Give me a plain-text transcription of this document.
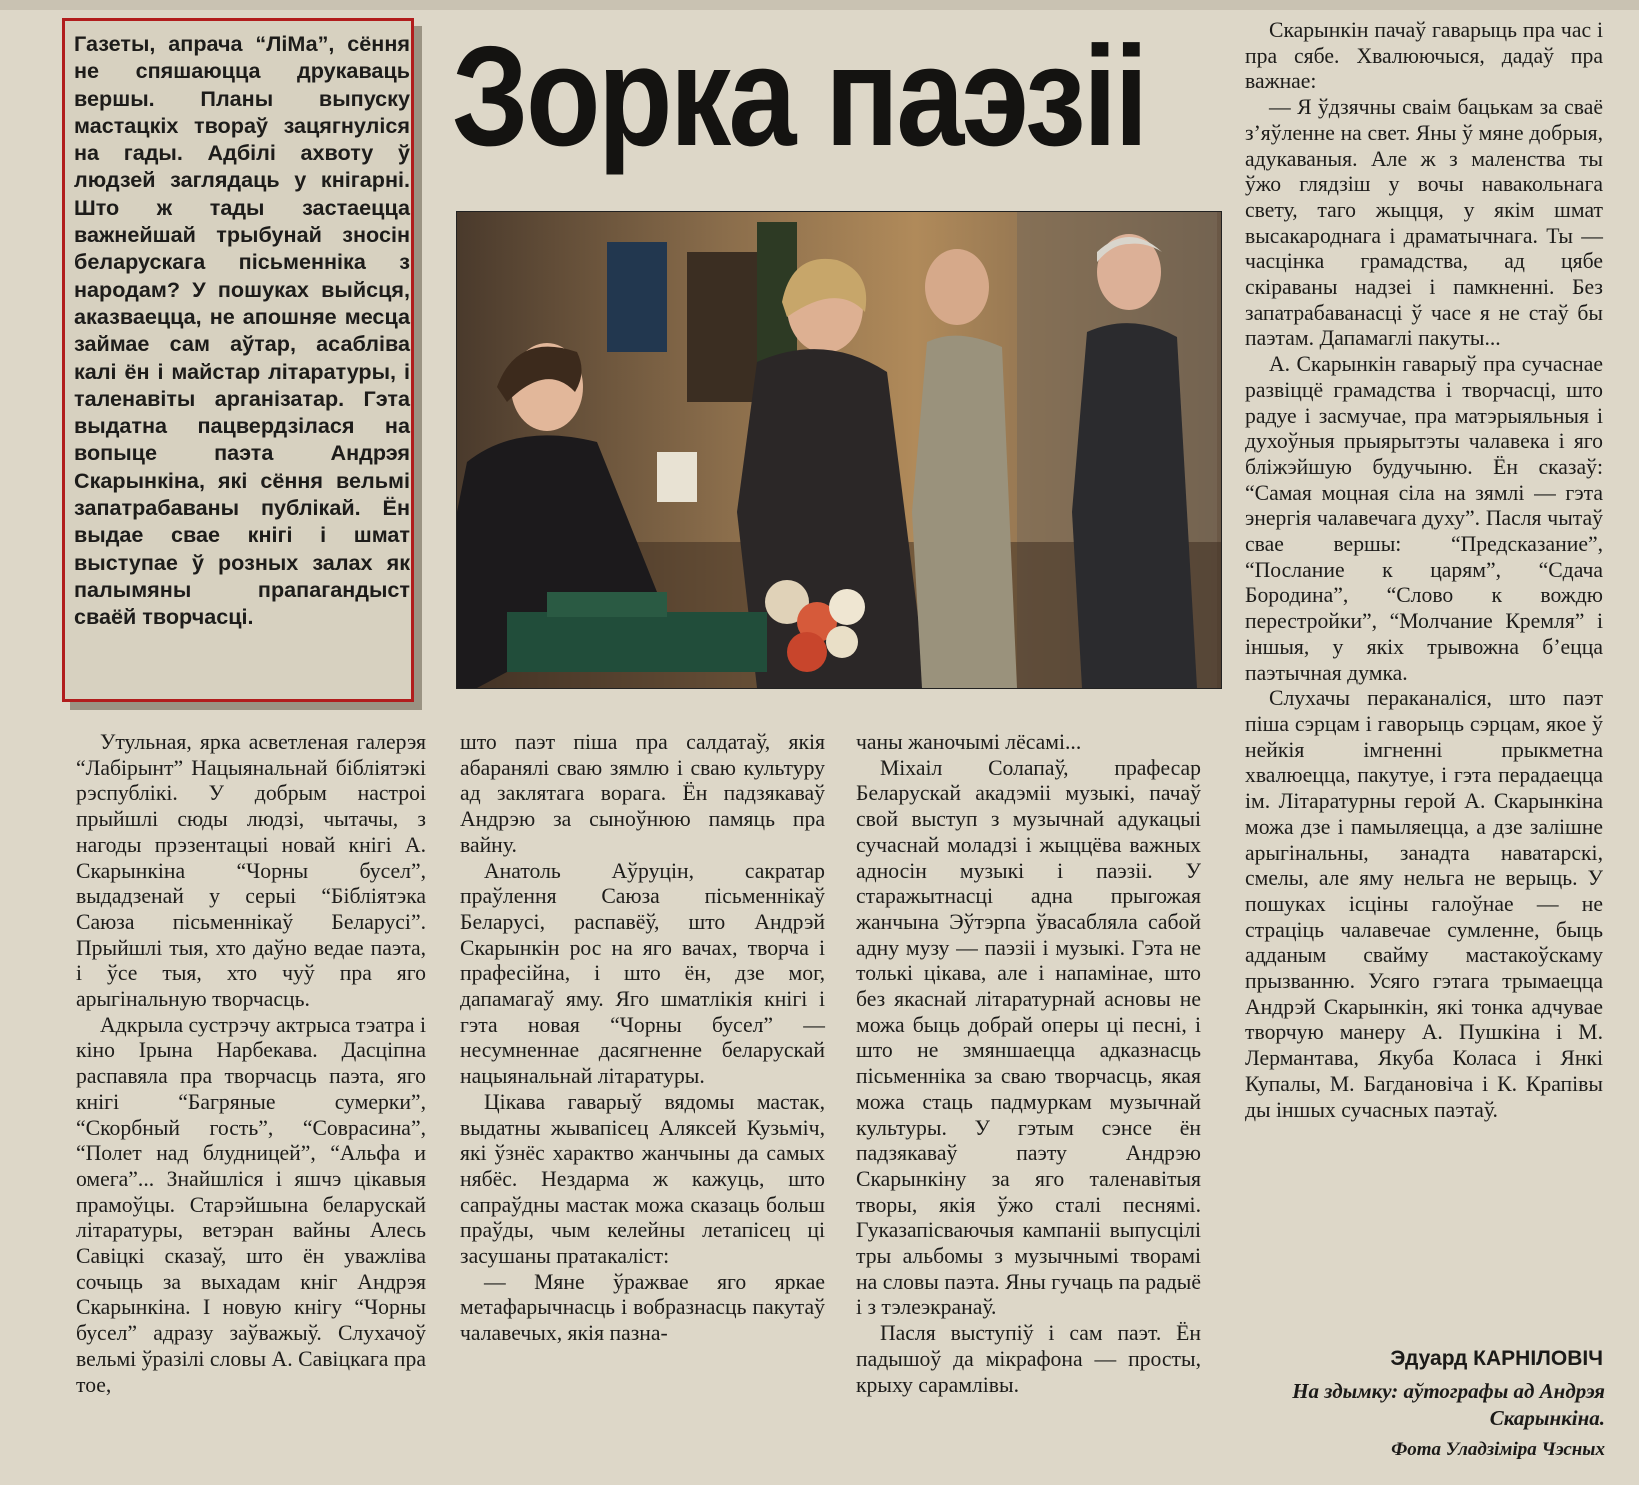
Газеты, апрача “ЛіМа”, сёння не спяшаюцца друкаваць вершы. Планы выпуску мастацкіх твораў зацягнуліся на гады. Адбілі ахвоту ў людзей заглядаць у кнігарні. Што ж тады застаецца важнейшай трыбунай зносін беларускага пісьменніка з народам? У пошуках выйсця, аказваецца, не апошняе месца займае сам аўтар, асабліва калі ён і майстар літаратуры, і таленавіты арганізатар. Гэта выдатна пацвердзілася на вопыце паэта Андрэя Скарынкіна, які сёння вельмі запатрабаваны публікай. Ён выдае свае кнігі і шмат выступае ў розных залах як палымяны прапагандыст сваёй творчасці.

Зорка паэзіі

Утульная, ярка асветленая галерэя “Лабірынт” Нацыянальнай бібліятэкі рэспублікі. У добрым настроі прыйшлі сюды людзі, чытачы, з нагоды прэзентацыі новай кнігі А. Скарынкіна “Чорны бусел”, выдадзенай у серыі “Бібліятэка Саюза пісьменнікаў Беларусі”. Прыйшлі тыя, хто даўно ведае паэта, і ўсе тыя, хто чуў пра яго арыгінальную творчасць.

Адкрыла сустрэчу актрыса тэатра і кіно Ірына Нарбекава. Дасціпна распавяла пра творчасць паэта, яго кнігі “Багряные сумерки”, “Скорбный гость”, “Соврасина”, “Полет над блудницей”, “Альфа и омега”... Знайшліся і яшчэ цікавыя прамоўцы. Старэйшына беларускай літаратуры, ветэран вайны Алесь Савіцкі сказаў, што ён уважліва сочыць за выхадам кніг Андрэя Скарынкіна. І новую кнігу “Чорны бусел” адразу заўважыў. Слухачоў вельмі ўразілі словы А. Савіцкага пра тое,

што паэт піша пра салдатаў, якія абаранялі сваю зямлю і сваю культуру ад заклятага ворага. Ён падзякаваў Андрэю за сыноўнюю памяць пра вайну.

Анатоль Аўруцін, сакратар праўлення Саюза пісьменнікаў Беларусі, распавёў, што Андрэй Скарынкін рос на яго вачах, творча і прафесійна, і што ён, дзе мог, дапамагаў яму. Яго шматлікія кнігі і гэта новая “Чорны бусел” — несумненнае дасягненне беларускай нацыянальнай літаратуры.

Цікава гаварыў вядомы мастак, выдатны жывапісец Аляксей Кузьміч, які ўзнёс характво жанчыны да самых нябёс. Нездарма ж кажуць, што сапраўдны мастак можа сказаць больш праўды, чым келейны летапісец ці засушаны пратакаліст:

— Мяне ўражвае яго яркае метафарычнасць і вобразнасць пакутаў чалавечых, якія пазна-

чаны жаночымі лёсамі...

Міхаіл Солапаў, прафесар Беларускай акадэміі музыкі, пачаў свой выступ з музычнай адукацыі сучаснай моладзі і жыццёва важных адносін музыкі і паэзіі. У старажытнасці адна прыгожая жанчына Эўтэрпа ўвасабляла сабой адну музу — паэзіі і музыкі. Гэта не толькі цікава, але і напамінае, што без якаснай літаратурнай асновы не можа быць добрай оперы ці песні, і што не змяншаецца адказнасць пісьменніка за сваю творчасць, якая можа стаць падмуркам музычнай культуры. У гэтым сэнсе ён падзякаваў паэту Андрэю Скарынкіну за яго таленавітыя творы, якія ўжо сталі песнямі. Гуказапісваючыя кампаніі выпусцілі тры альбомы з музычнымі творамі на словы паэта. Яны гучаць па радыё і з тэлеэкранаў.

Пасля выступіў і сам паэт. Ён падышоў да мікрафона — просты, крыху сарамлівы.

Скарынкін пачаў гаварыць пра час і пра сябе. Хвалюючыся, дадаў пра важнае:

— Я ўдзячны сваім бацькам за сваё з’яўленне на свет. Яны ў мяне добрыя, адукаваныя. Але ж з маленства ты ўжо глядзіш у вочы навакольнага свету, таго жыцця, у якім шмат высакароднага і драматычнага. Ты — часцінка грамадства, ад цябе скіраваны надзеі і памкненні. Без запатрабаванасці ў часе я не стаў бы паэтам. Дапамаглі пакуты...

А. Скарынкін гаварыў пра сучаснае развіццё грамадства і творчасці, што радуе і засмучае, пра матэрыяльныя і духоўныя прыярытэты чалавека і яго бліжэйшую будучыню. Ён сказаў: “Самая моцная сіла на зямлі — гэта энергія чалавечага духу”. Пасля чытаў свае вершы: “Предсказание”, “Послание к царям”, “Сдача Бородина”, “Слово к вождю перестройки”, “Молчание Кремля” і іншыя, у якіх трывожна б’ецца паэтычная думка.

Слухачы пераканаліся, што паэт піша сэрцам і гаворыць сэрцам, якое ў нейкія імгненні прыкметна хвалюецца, пакутуе, і гэта перадаецца ім. Літаратурны герой А. Скарынкіна можа дзе і памыляецца, а дзе залішне арыгінальны, занадта наватарскі, смелы, але яму нельга не верыць. У пошуках ісціны галоўнае — не страціць чалавечае сумленне, быць адданым свайму мастакоўскаму прызванню. Усяго гэтага трымаецца Андрэй Скарынкін, які тонка адчувае творчую манеру А. Пушкіна і М. Лермантава, Якуба Коласа і Янкі Купалы, М. Багдановіча і К. Крапівы ды іншых сучасных паэтаў.

Эдуард КАРНІЛОВІЧ

На здымку: аўтографы ад Андрэя Скарынкіна.

Фота Уладзіміра Чэсных
